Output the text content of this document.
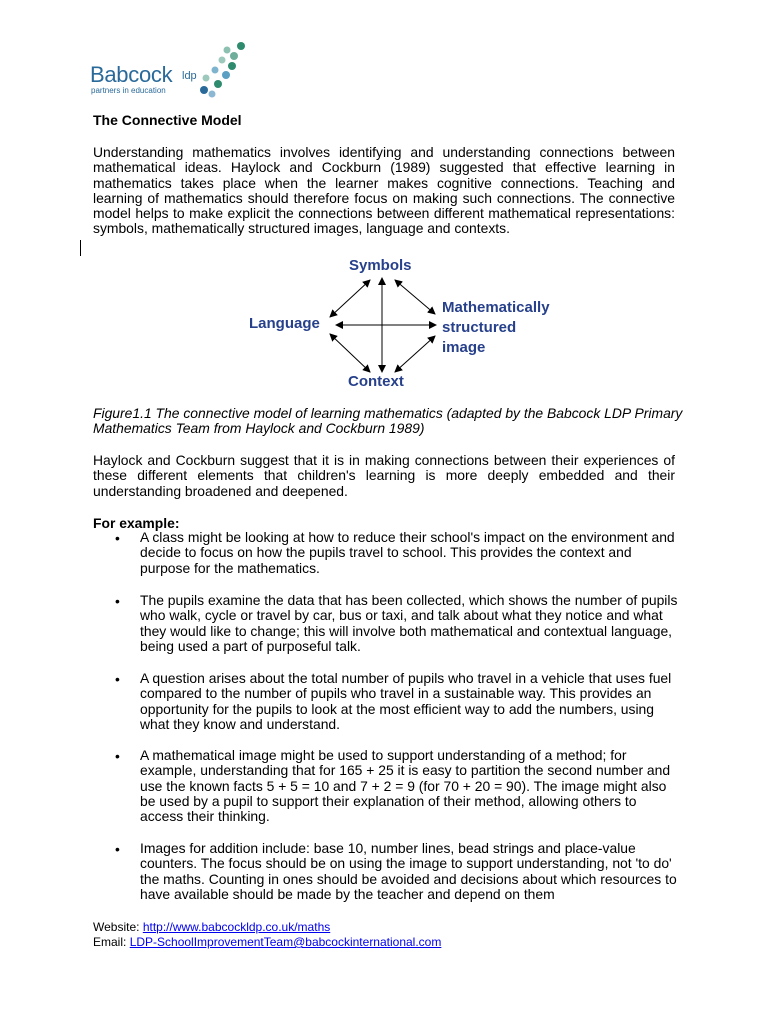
Babcock ldp
partners in education
The Connective Model
Understanding mathematics involves identifying and understanding connections between mathematical ideas. Haylock and Cockburn (1989) suggested that effective learning in mathematics takes place when the learner makes cognitive connections. Teaching and learning of mathematics should therefore focus on making such connections. The connective model helps to make explicit the connections between different mathematical representations: symbols, mathematically structured images, language and contexts.
Symbols
Language
Mathematically
structured
image
Context
Figure1.1 The connective model of learning mathematics (adapted by the Babcock LDP Primary Mathematics Team from Haylock and Cockburn 1989)
Haylock and Cockburn suggest that it is in making connections between their experiences of these different elements that children's learning is more deeply embedded and their understanding broadened and deepened.
For example:
• A class might be looking at how to reduce their school's impact on the environment and decide to focus on how the pupils travel to school. This provides the context and purpose for the mathematics.
• The pupils examine the data that has been collected, which shows the number of pupils who walk, cycle or travel by car, bus or taxi, and talk about what they notice and what they would like to change; this will involve both mathematical and contextual language, being used a part of purposeful talk.
• A question arises about the total number of pupils who travel in a vehicle that uses fuel compared to the number of pupils who travel in a sustainable way. This provides an opportunity for the pupils to look at the most efficient way to add the numbers, using what they know and understand.
• A mathematical image might be used to support understanding of a method; for example, understanding that for 165 + 25 it is easy to partition the second number and use the known facts 5 + 5 = 10 and 7 + 2 = 9 (for 70 + 20 = 90). The image might also be used by a pupil to support their explanation of their method, allowing others to access their thinking.
• Images for addition include: base 10, number lines, bead strings and place-value counters. The focus should be on using the image to support understanding, not 'to do' the maths. Counting in ones should be avoided and decisions about which resources to have available should be made by the teacher and depend on them
Website: http://www.babcockldp.co.uk/maths
Email: LDP-SchoolImprovementTeam@babcockinternational.com
